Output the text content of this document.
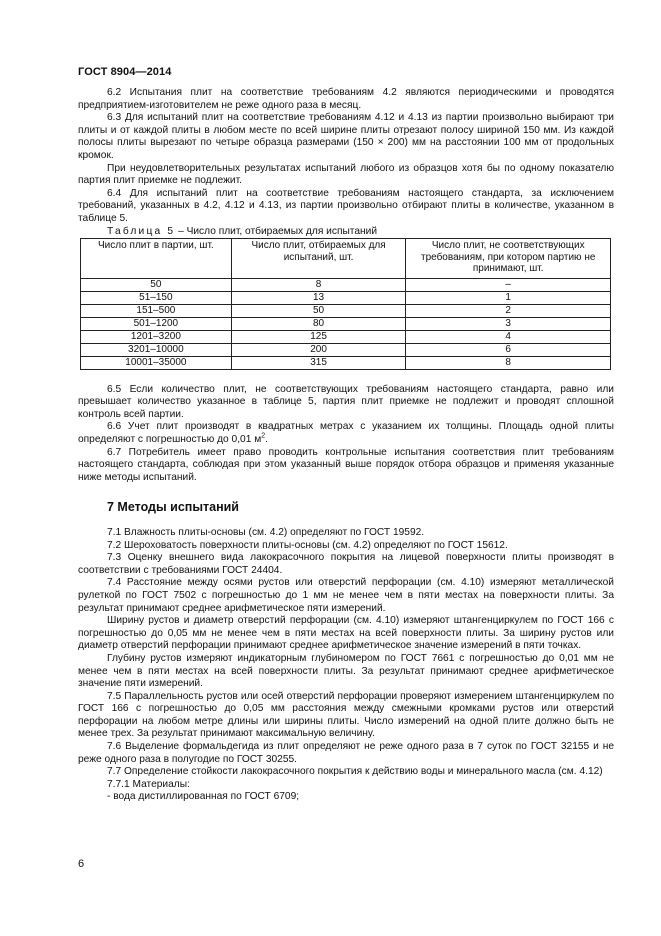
ГОСТ 8904—2014

6.2 Испытания плит на соответствие требованиям 4.2 являются периодическими и проводятся предприятием-изготовителем не реже одного раза в месяц.

6.3 Для испытаний плит на соответствие требованиям 4.12 и 4.13 из партии произвольно выбирают три плиты и от каждой плиты в любом месте по всей ширине плиты отрезают полосу шириной 150 мм. Из каждой полосы плиты вырезают по четыре образца размерами (150 × 200) мм на расстоянии 100 мм от продольных кромок.

При неудовлетворительных результатах испытаний любого из образцов хотя бы по одному показателю партия плит приемке не подлежит.

6.4 Для испытаний плит на соответствие требованиям настоящего стандарта, за исключением требований, указанных в 4.2, 4.12 и 4.13, из партии произвольно отбирают плиты в количестве, указанном в таблице 5.

Таблица 5 – Число плит, отбираемых для испытаний

Число плит в партии, шт.	Число плит, отбираемых для испытаний, шт.	Число плит, не соответствующих требованиям, при котором партию не принимают, шт.
50	8	–
51–150	13	1
151–500	50	2
501–1200	80	3
1201–3200	125	4
3201–10000	200	6
10001–35000	315	8

6.5 Если количество плит, не соответствующих требованиям настоящего стандарта, равно или превышает количество указанное в таблице 5, партия плит приемке не подлежит и проводят сплошной контроль всей партии.

6.6 Учет плит производят в квадратных метрах с указанием их толщины. Площадь одной плиты определяют с погрешностью до 0,01 $м^2$.

6.7 Потребитель имеет право проводить контрольные испытания соответствия плит требованиям настоящего стандарта, соблюдая при этом указанный выше порядок отбора образцов и применяя указанные ниже методы испытаний.

7 Методы испытаний

7.1 Влажность плиты-основы (см. 4.2) определяют по ГОСТ 19592.

7.2 Шероховатость поверхности плиты-основы (см. 4.2) определяют по ГОСТ 15612.

7.3 Оценку внешнего вида лакокрасочного покрытия на лицевой поверхности плиты производят в соответствии с требованиями ГОСТ 24404.

7.4 Расстояние между осями рустов или отверстий перфорации (см. 4.10) измеряют металлической рулеткой по ГОСТ 7502 с погрешностью до 1 мм не менее чем в пяти местах на поверхности плиты. За результат принимают среднее арифметическое пяти измерений.

Ширину рустов и диаметр отверстий перфорации (см. 4.10) измеряют штангенциркулем по ГОСТ 166 с погрешностью до 0,05 мм не менее чем в пяти местах на всей поверхности плиты. За ширину рустов или диаметр отверстий перфорации принимают среднее арифметическое значение измерений в пяти точках.

Глубину рустов измеряют индикаторным глубиномером по ГОСТ 7661 с погрешностью до 0,01 мм не менее чем в пяти местах на всей поверхности плиты. За результат принимают среднее арифметическое значение пяти измерений.

7.5 Параллельность рустов или осей отверстий перфорации проверяют измерением штангенциркулем по ГОСТ 166 с погрешностью до 0,05 мм расстояния между смежными кромками рустов или отверстий перфорации на любом метре длины или ширины плиты. Число измерений на одной плите должно быть не менее трех. За результат принимают максимальную величину.

7.6 Выделение формальдегида из плит определяют не реже одного раза в 7 суток по ГОСТ 32155 и не реже одного раза в полугодие по ГОСТ 30255.

7.7 Определение стойкости лакокрасочного покрытия к действию воды и минерального масла (см. 4.12)

7.7.1 Материалы:

- вода дистиллированная по ГОСТ 6709;

6
